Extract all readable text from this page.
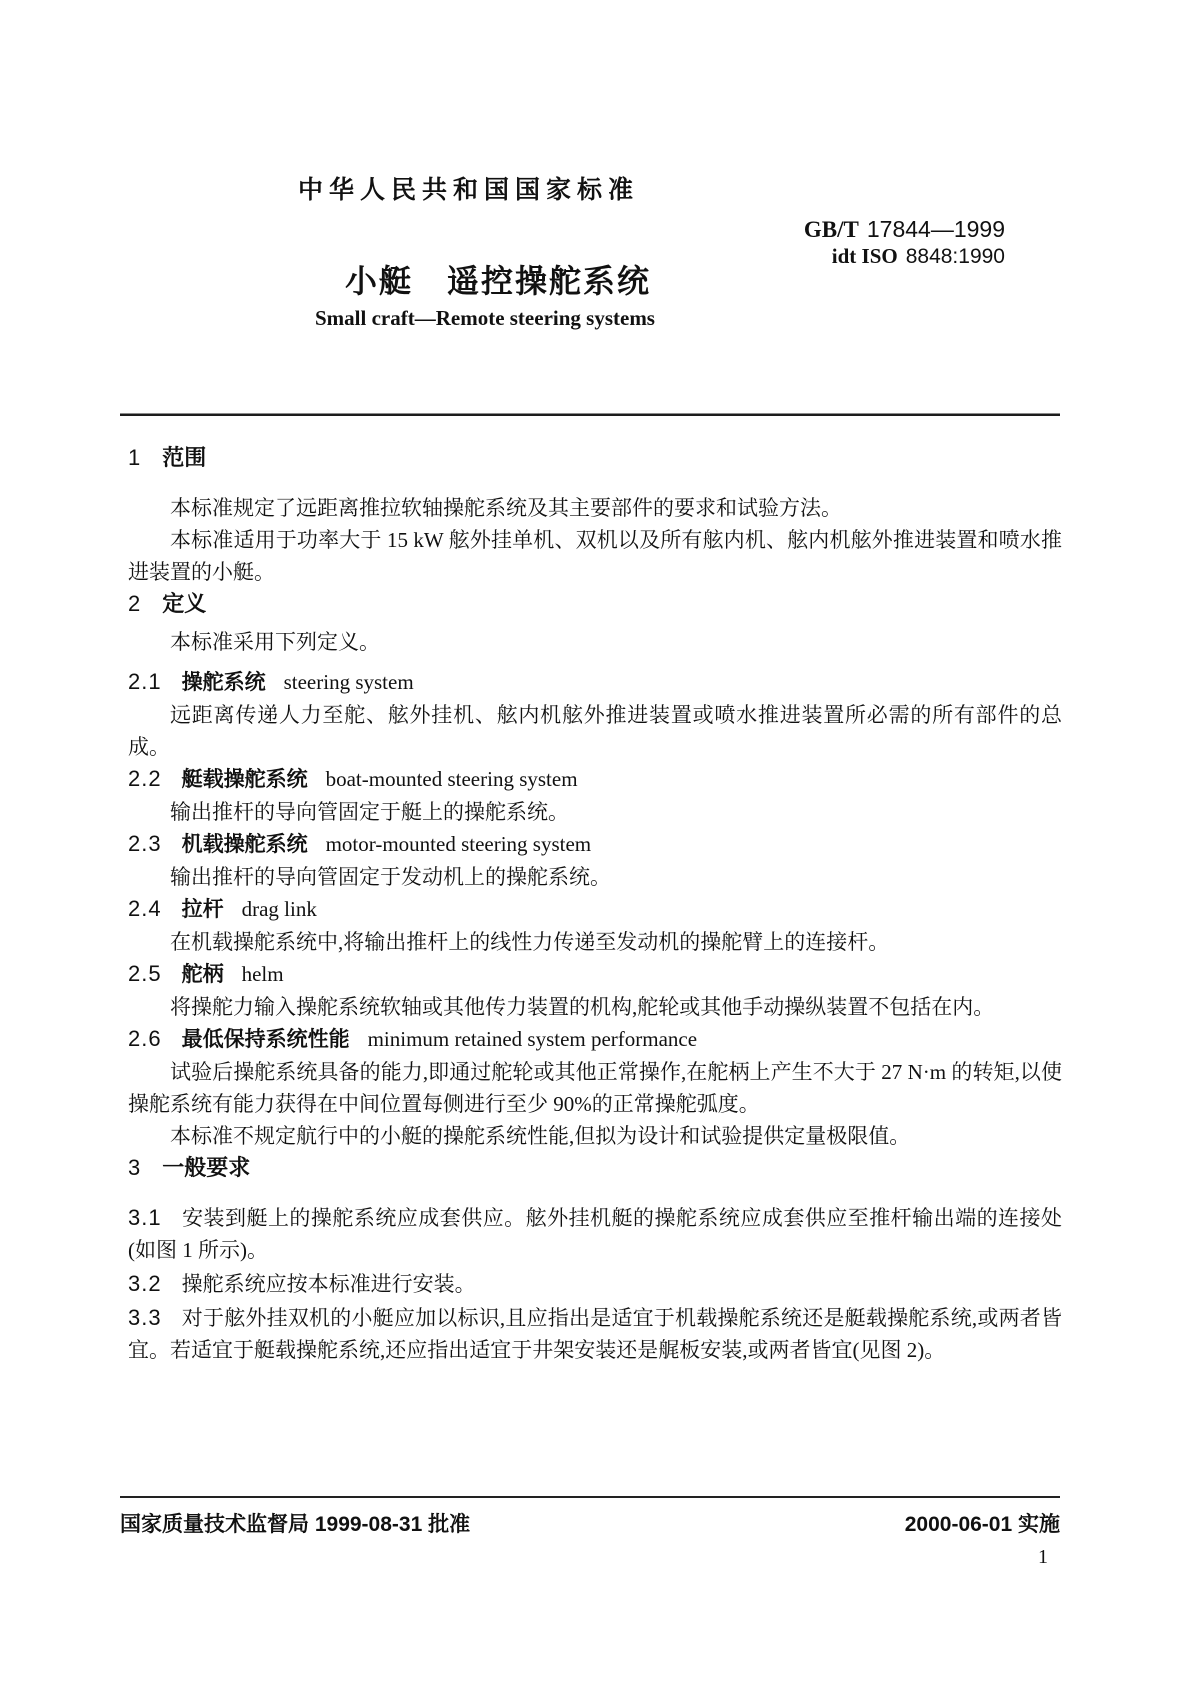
中华人民共和国国家标准
GB/T 17844—1999
idt ISO 8848:1990
小艇　遥控操舵系统
Small craft—Remote steering systems
1 范围

本标准规定了远距离推拉软轴操舵系统及其主要部件的要求和试验方法。

本标准适用于功率大于 15 kW 舷外挂单机、双机以及所有舷内机、舷内机舷外推进装置和喷水推进装置的小艇。

2 定义

本标准采用下列定义。

2.1 操舵系统 steering system

远距离传递人力至舵、舷外挂机、舷内机舷外推进装置或喷水推进装置所必需的所有部件的总成。

2.2 艇载操舵系统 boat-mounted steering system

输出推杆的导向管固定于艇上的操舵系统。

2.3 机载操舵系统 motor-mounted steering system

输出推杆的导向管固定于发动机上的操舵系统。

2.4 拉杆 drag link

在机载操舵系统中,将输出推杆上的线性力传递至发动机的操舵臂上的连接杆。

2.5 舵柄 helm

将操舵力输入操舵系统软轴或其他传力装置的机构,舵轮或其他手动操纵装置不包括在内。

2.6 最低保持系统性能 minimum retained system performance

试验后操舵系统具备的能力,即通过舵轮或其他正常操作,在舵柄上产生不大于 27 N·m 的转矩,以使操舵系统有能力获得在中间位置每侧进行至少 90%的正常操舵弧度。

本标准不规定航行中的小艇的操舵系统性能,但拟为设计和试验提供定量极限值。

3 一般要求

3.1 安装到艇上的操舵系统应成套供应。舷外挂机艇的操舵系统应成套供应至推杆输出端的连接处(如图 1 所示)。

3.2 操舵系统应按本标准进行安装。

3.3 对于舷外挂双机的小艇应加以标识,且应指出是适宜于机载操舵系统还是艇载操舵系统,或两者皆宜。若适宜于艇载操舵系统,还应指出适宜于井架安装还是艉板安装,或两者皆宜(见图 2)。

国家质量技术监督局 1999-08-31 批准	2000-06-01 实施
1
